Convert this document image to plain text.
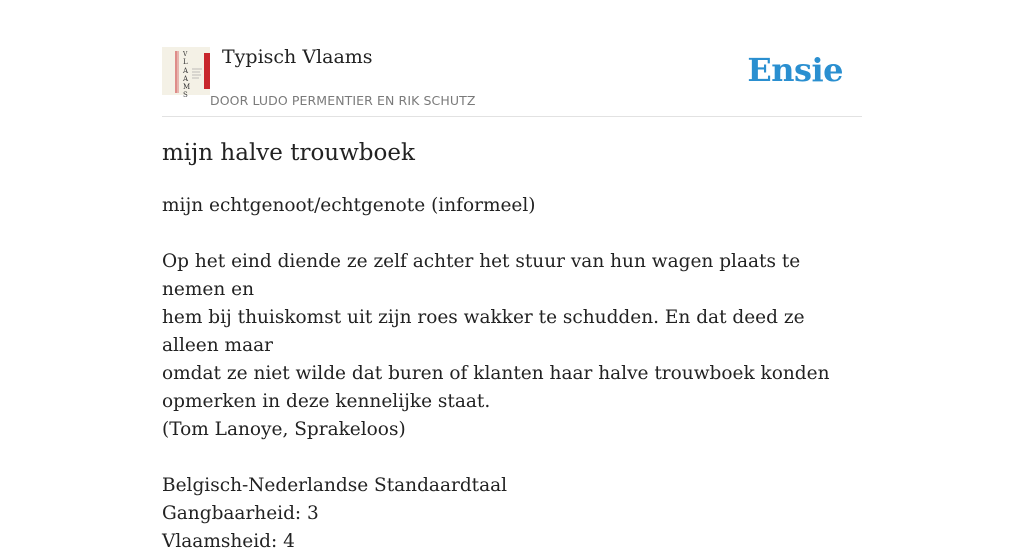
V
L
A
A
M
S
Typisch Vlaams
DOOR LUDO PERMENTIER EN RIK SCHUTZ
Ensie
mijn halve trouwboek

mijn echtgenoot/echtgenote (informeel)

Op het eind diende ze zelf achter het stuur van hun wagen plaats te nemen en

hem bij thuiskomst uit zijn roes wakker te schudden. En dat deed ze alleen maar

omdat ze niet wilde dat buren of klanten haar halve trouwboek konden

opmerken in deze kennelijke staat.

(Tom Lanoye, Sprakeloos)

Belgisch-Nederlandse Standaardtaal

Gangbaarheid: 3

Vlaamsheid: 4
